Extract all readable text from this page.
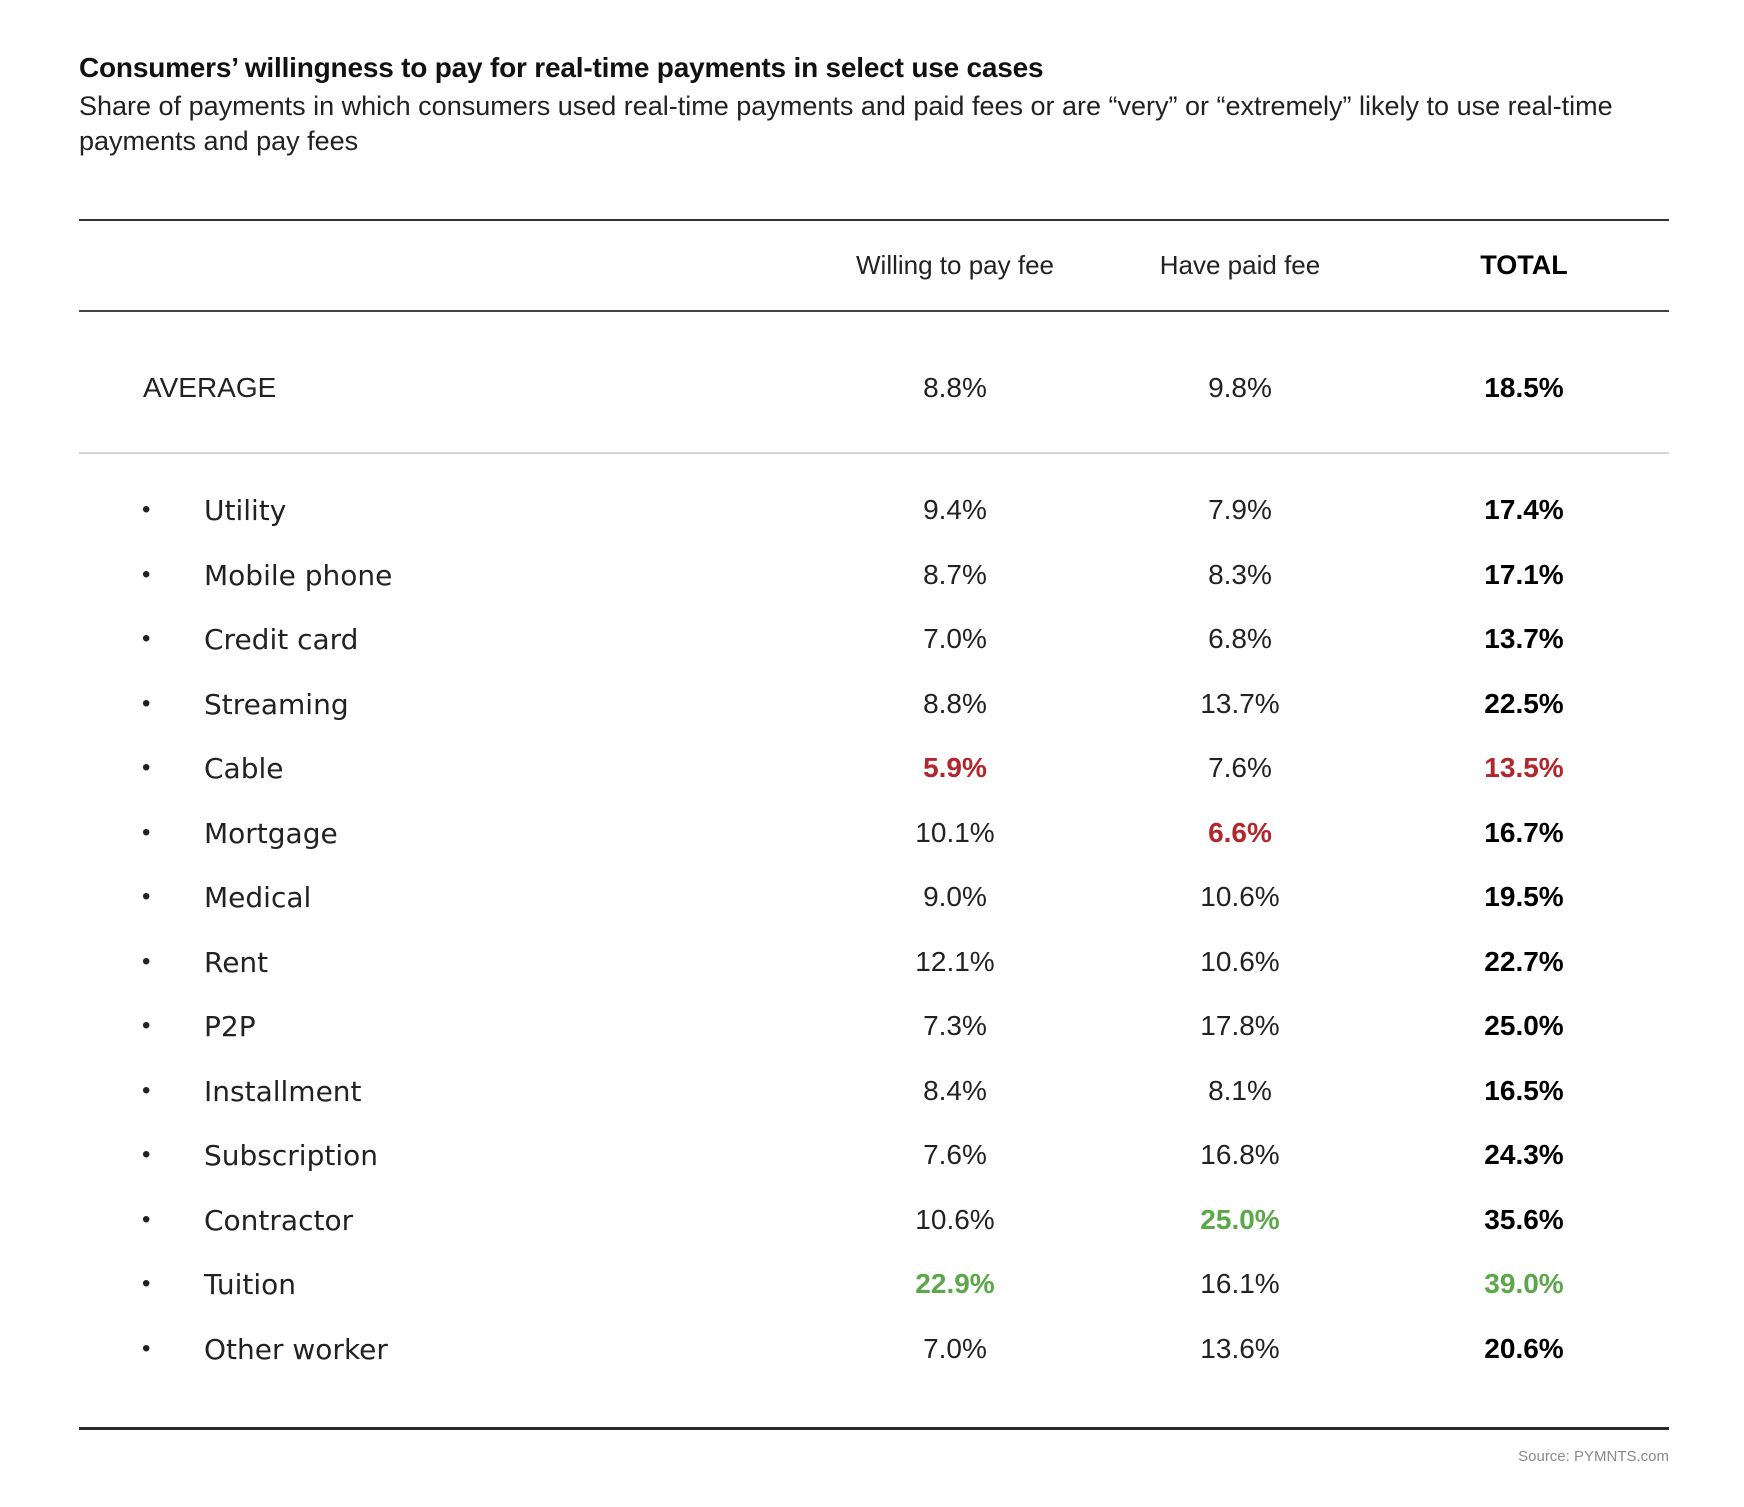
Consumers’ willingness to pay for real-time payments in select use cases
Share of payments in which consumers used real-time payments and paid fees or are “very” or “extremely” likely to use real-time payments and pay fees
Willing to pay fee	Have paid fee	TOTAL
AVERAGE	8.8%	9.8%	18.5%
• Utility	9.4%	7.9%	17.4%
• Mobile phone	8.7%	8.3%	17.1%
• Credit card	7.0%	6.8%	13.7%
• Streaming	8.8%	13.7%	22.5%
• Cable	5.9%	7.6%	13.5%
• Mortgage	10.1%	6.6%	16.7%
• Medical	9.0%	10.6%	19.5%
• Rent	12.1%	10.6%	22.7%
• P2P	7.3%	17.8%	25.0%
• Installment	8.4%	8.1%	16.5%
• Subscription	7.6%	16.8%	24.3%
• Contractor	10.6%	25.0%	35.6%
• Tuition	22.9%	16.1%	39.0%
• Other worker	7.0%	13.6%	20.6%
Source: PYMNTS.com
